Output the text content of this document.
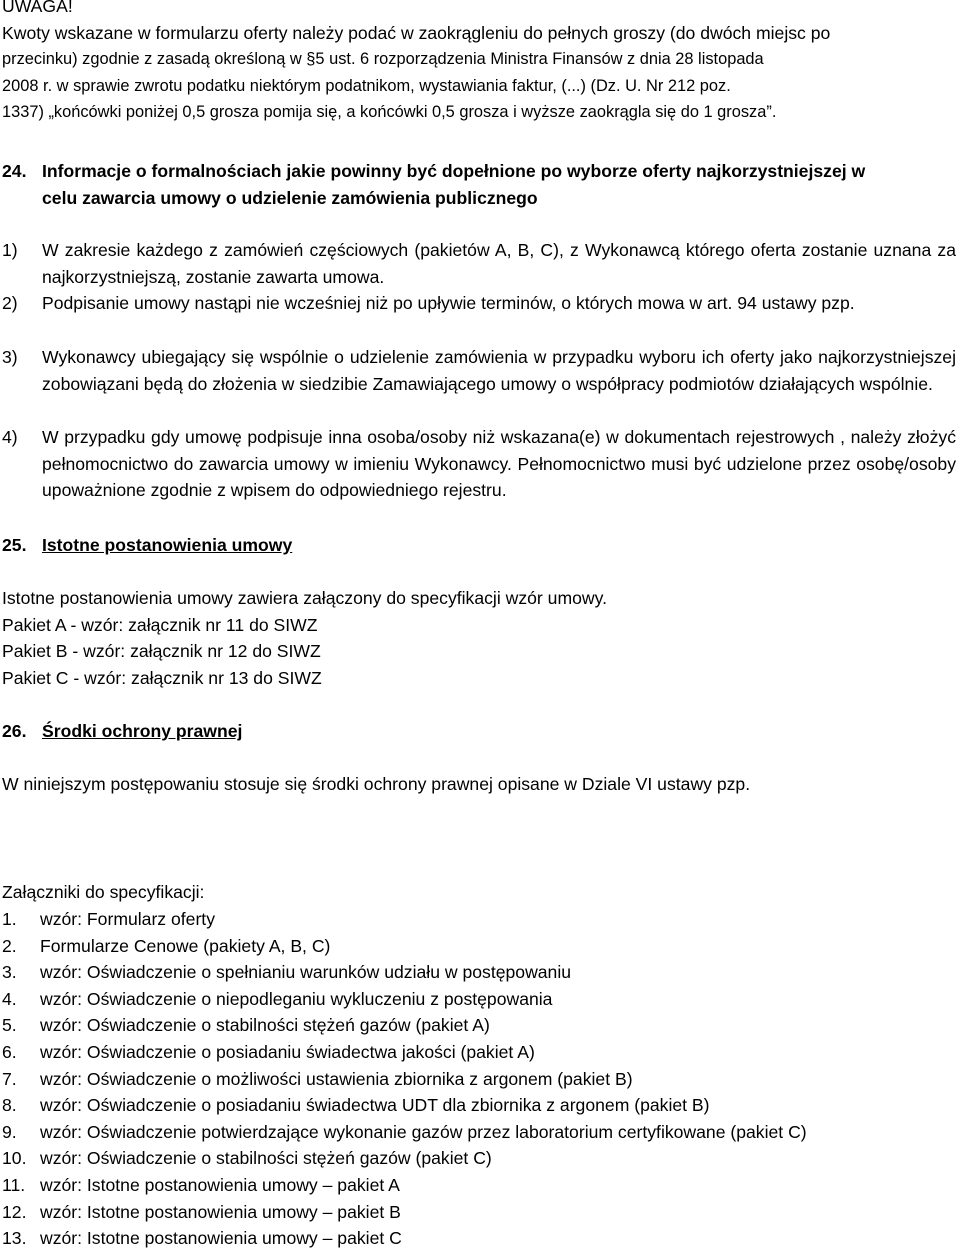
UWAGA!
Kwoty wskazane w formularzu oferty należy podać w zaokrągleniu do pełnych groszy (do dwóch miejsc po
przecinku) zgodnie z zasadą określoną w §5 ust. 6 rozporządzenia Ministra Finansów z dnia 28 listopada
2008 r. w sprawie zwrotu podatku niektórym podatnikom, wystawiania faktur, (...) (Dz. U. Nr 212 poz.
1337) „końcówki poniżej 0,5 grosza pomija się, a końcówki 0,5 grosza i wyższe zaokrągla się do 1 grosza”.
24. Informacje o formalnościach jakie powinny być dopełnione po wyborze oferty najkorzystniejszej w
celu zawarcia umowy o udzielenie zamówienia publicznego
1) W zakresie każdego z zamówień częściowych (pakietów A, B, C), z Wykonawcą którego oferta zostanie uznana za najkorzystniejszą, zostanie zawarta umowa.
2) Podpisanie umowy nastąpi nie wcześniej niż po upływie terminów, o których mowa w art. 94 ustawy pzp.
3) Wykonawcy ubiegający się wspólnie o udzielenie zamówienia w przypadku wyboru ich oferty jako najkorzystniejszej zobowiązani będą do złożenia w siedzibie Zamawiającego umowy o współpracy podmiotów działających wspólnie.
4) W przypadku gdy umowę podpisuje inna osoba/osoby niż wskazana(e) w dokumentach rejestrowych , należy złożyć pełnomocnictwo do zawarcia umowy w imieniu Wykonawcy. Pełnomocnictwo musi być udzielone przez osobę/osoby upoważnione zgodnie z wpisem do odpowiedniego rejestru.
25. Istotne postanowienia umowy
Istotne postanowienia umowy zawiera załączony do specyfikacji wzór umowy.
Pakiet A - wzór: załącznik nr 11 do SIWZ
Pakiet B - wzór: załącznik nr 12 do SIWZ
Pakiet C - wzór: załącznik nr 13 do SIWZ
26. Środki ochrony prawnej
W niniejszym postępowaniu stosuje się środki ochrony prawnej opisane w Dziale VI ustawy pzp.
Załączniki do specyfikacji:
1. wzór: Formularz oferty
2. Formularze Cenowe (pakiety A, B, C)
3. wzór: Oświadczenie o spełnianiu warunków udziału w postępowaniu
4. wzór: Oświadczenie o niepodleganiu wykluczeniu z postępowania
5. wzór: Oświadczenie o stabilności stężeń gazów (pakiet A)
6. wzór: Oświadczenie o posiadaniu świadectwa jakości (pakiet A)
7. wzór: Oświadczenie o możliwości ustawienia zbiornika z argonem (pakiet B)
8. wzór: Oświadczenie o posiadaniu świadectwa UDT dla zbiornika z argonem (pakiet B)
9. wzór: Oświadczenie potwierdzające wykonanie gazów przez laboratorium certyfikowane (pakiet C)
10. wzór: Oświadczenie o stabilności stężeń gazów (pakiet C)
11. wzór: Istotne postanowienia umowy – pakiet A
12. wzór: Istotne postanowienia umowy – pakiet B
13. wzór: Istotne postanowienia umowy – pakiet C
